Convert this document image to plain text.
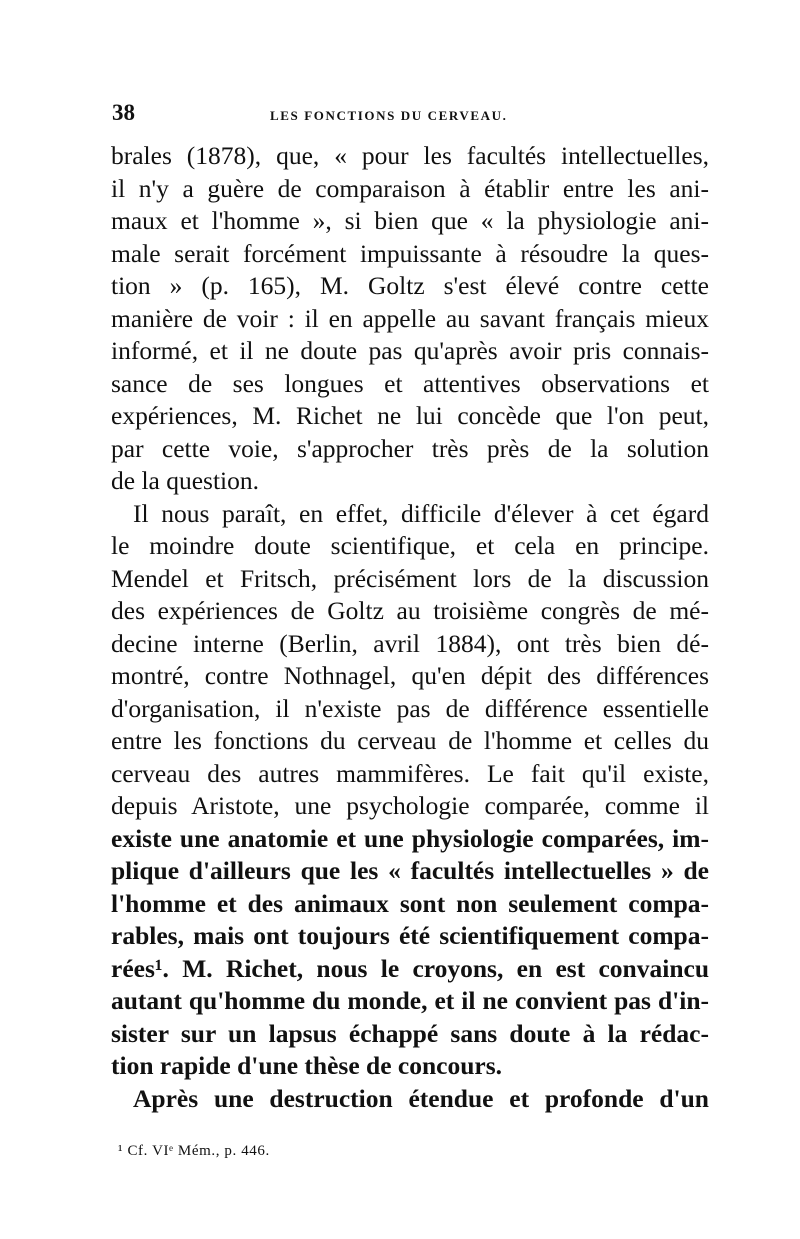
38	LES FONCTIONS DU CERVEAU.
brales (1878), que, « pour les facultés intellectuelles,
il n'y a guère de comparaison à établir entre les ani-
maux et l'homme », si bien que « la physiologie ani-
male serait forcément impuissante à résoudre la ques-
tion » (p. 165), M. Goltz s'est élevé contre cette
manière de voir : il en appelle au savant français mieux
informé, et il ne doute pas qu'après avoir pris connais-
sance de ses longues et attentives observations et
expériences, M. Richet ne lui concède que l'on peut,
par cette voie, s'approcher très près de la solution
de la question.
Il nous paraît, en effet, difficile d'élever à cet égard
le moindre doute scientifique, et cela en principe.
Mendel et Fritsch, précisément lors de la discussion
des expériences de Goltz au troisième congrès de mé-
decine interne (Berlin, avril 1884), ont très bien dé-
montré, contre Nothnagel, qu'en dépit des différences
d'organisation, il n'existe pas de différence essentielle
entre les fonctions du cerveau de l'homme et celles du
cerveau des autres mammifères. Le fait qu'il existe,
depuis Aristote, une psychologie comparée, comme il
existe une anatomie et une physiologie comparées, im-
plique d'ailleurs que les « facultés intellectuelles » de
l'homme et des animaux sont non seulement compa-
rables, mais ont toujours été scientifiquement compa-
rées¹. M. Richet, nous le croyons, en est convaincu
autant qu'homme du monde, et il ne convient pas d'in-
sister sur un lapsus échappé sans doute à la rédac-
tion rapide d'une thèse de concours.
Après une destruction étendue et profonde d'un
¹ Cf. VIᵉ Mém., p. 446.
